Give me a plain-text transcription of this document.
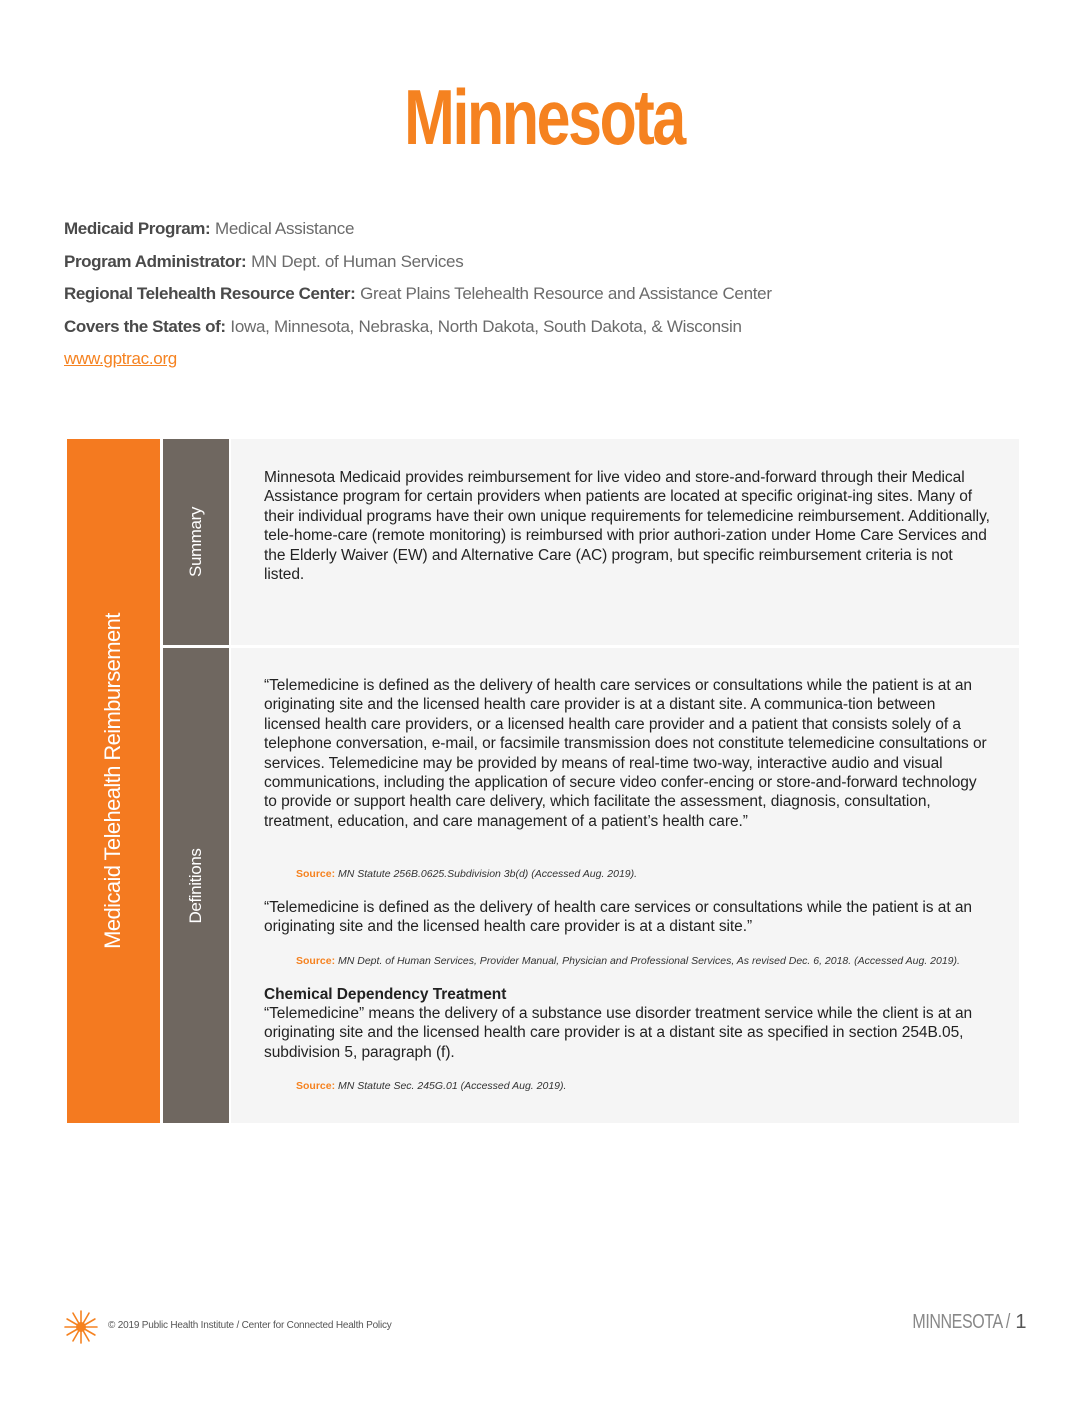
Minnesota
Medicaid Program: Medical Assistance
Program Administrator: MN Dept. of Human Services
Regional Telehealth Resource Center: Great Plains Telehealth Resource and Assistance Center
Covers the States of: Iowa, Minnesota, Nebraska, North Dakota, South Dakota, & Wisconsin
www.gptrac.org
Medicaid Telehealth Reimbursement
Summary
Minnesota Medicaid provides reimbursement for live video and store-and-forward through their Medical Assistance program for certain providers when patients are located at specific originat-ing sites. Many of their individual programs have their own unique requirements for telemedicine reimbursement. Additionally, tele-home-care (remote monitoring) is reimbursed with prior authori-zation under Home Care Services and the Elderly Waiver (EW) and Alternative Care (AC) program, but specific reimbursement criteria is not listed.
Definitions
“Telemedicine is defined as the delivery of health care services or consultations while the patient is at an originating site and the licensed health care provider is at a distant site. A communica-tion between licensed health care providers, or a licensed health care provider and a patient that consists solely of a telephone conversation, e-mail, or facsimile transmission does not constitute telemedicine consultations or services. Telemedicine may be provided by means of real-time two-way, interactive audio and visual communications, including the application of secure video confer-encing or store-and-forward technology to provide or support health care delivery, which facilitate the assessment, diagnosis, consultation, treatment, education, and care management of a patient’s health care.”
Source: MN Statute 256B.0625.Subdivision 3b(d) (Accessed Aug. 2019).
“Telemedicine is defined as the delivery of health care services or consultations while the patient is at an originating site and the licensed health care provider is at a distant site.”
Source: MN Dept. of Human Services, Provider Manual, Physician and Professional Services, As revised Dec. 6, 2018. (Accessed Aug. 2019).
Chemical Dependency Treatment
“Telemedicine” means the delivery of a substance use disorder treatment service while the client is at an originating site and the licensed health care provider is at a distant site as specified in section 254B.05, subdivision 5, paragraph (f).
Source: MN Statute Sec. 245G.01 (Accessed Aug. 2019).
© 2019 Public Health Institute / Center for Connected Health Policy	MINNESOTA / 1
